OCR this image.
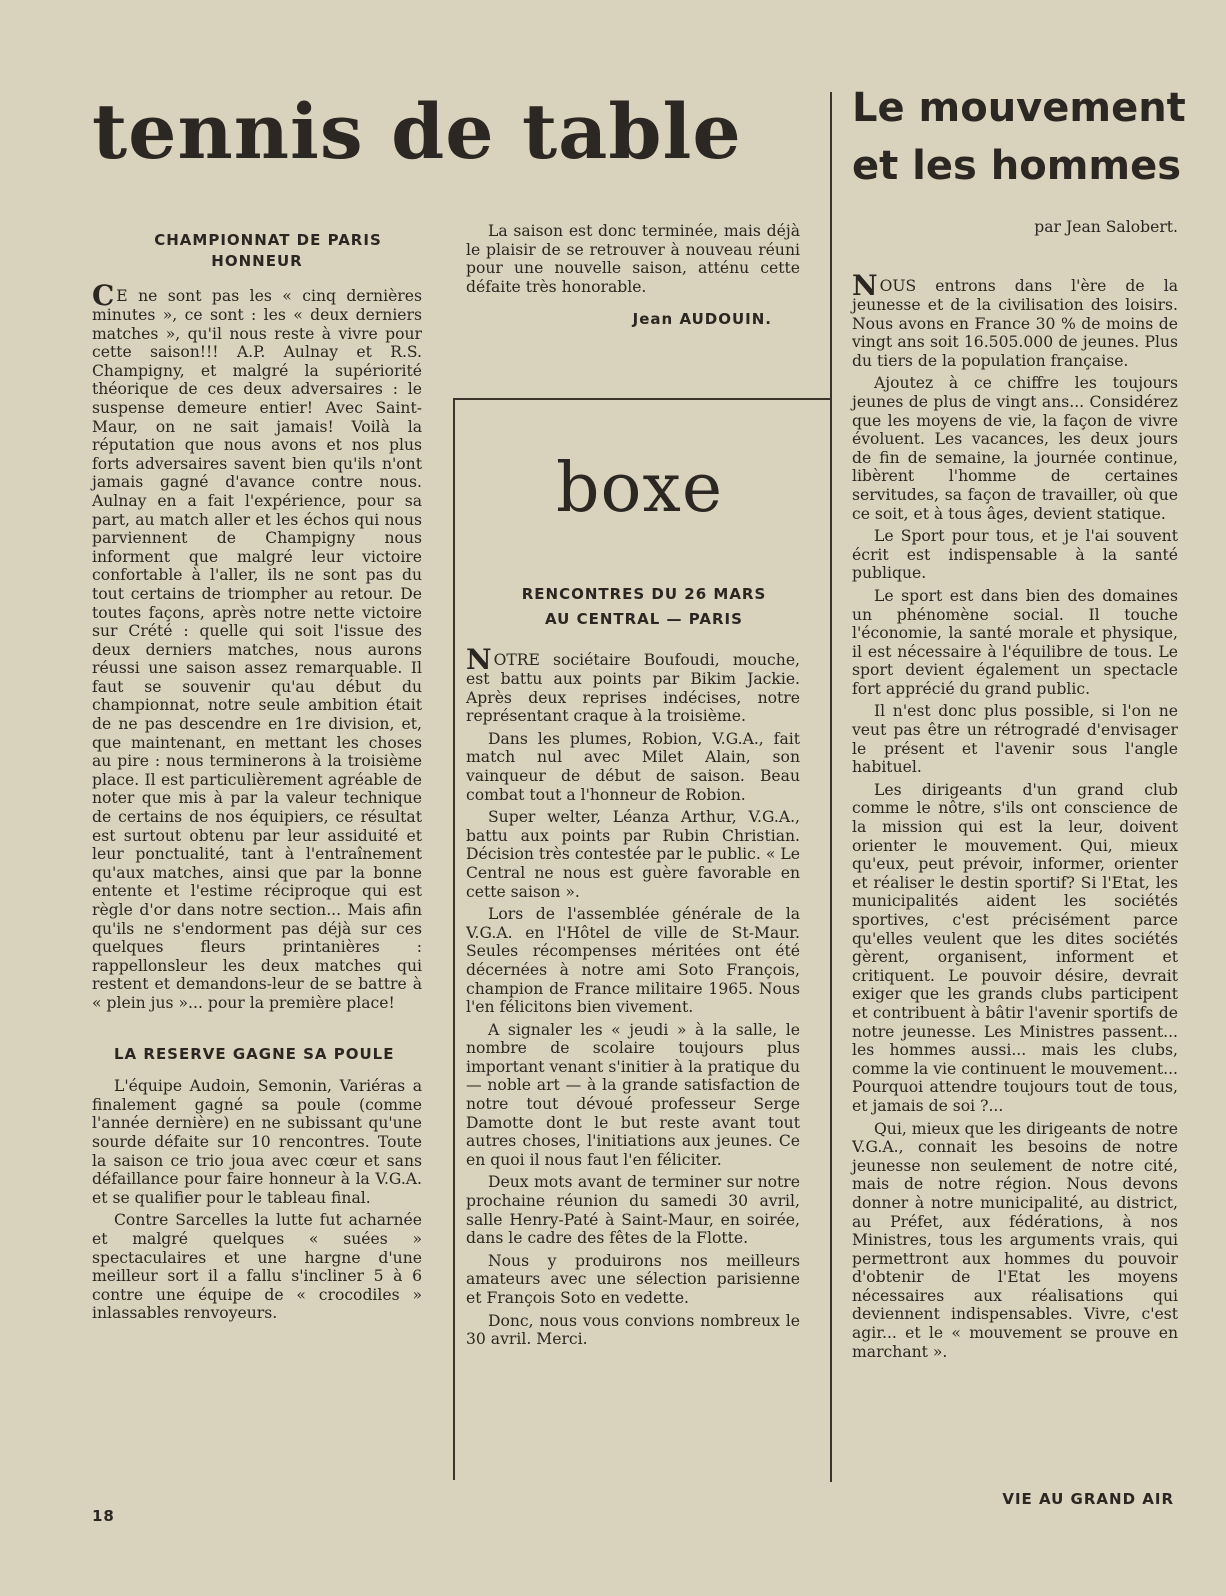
tennis de table

CHAMPIONNAT DE PARIS HONNEUR

C E ne sont pas les « cinq dernières minutes », ce sont : les « deux derniers matches », qu'il nous reste à vivre pour cette saison!!! A.P. Aulnay et R.S. Champigny, et malgré la supériorité théorique de ces deux adversaires : le suspense demeure entier! Avec Saint-Maur, on ne sait jamais! Voilà la réputation que nous avons et nos plus forts adversaires savent bien qu'ils n'ont jamais gagné d'avance contre nous. Aulnay en a fait l'expérience, pour sa part, au match aller et les échos qui nous parviennent de Champigny nous informent que malgré leur victoire confortable à l'aller, ils ne sont pas du tout certains de triompher au retour. De toutes façons, après notre nette victoire sur Crété : quelle qui soit l'issue des deux derniers matches, nous aurons réussi une saison assez remarquable. Il faut se souvenir qu'au début du championnat, notre seule ambition était de ne pas descendre en 1re division, et, que maintenant, en mettant les choses au pire : nous terminerons à la troisième place. Il est particulièrement agréable de noter que mis à par la valeur technique de certains de nos équipiers, ce résultat est surtout obtenu par leur assiduité et leur ponctualité, tant à l'entraînement qu'aux matches, ainsi que par la bonne entente et l'estime réciproque qui est règle d'or dans notre section... Mais afin qu'ils ne s'endorment pas déjà sur ces quelques fleurs printanières : rappellonsleur les deux matches qui restent et demandons-leur de se battre à « plein jus »... pour la première place!

LA RESERVE GAGNE SA POULE

L'équipe Audoin, Semonin, Variéras a finalement gagné sa poule (comme l'année dernière) en ne subissant qu'une sourde défaite sur 10 rencontres. Toute la saison ce trio joua avec cœur et sans défaillance pour faire honneur à la V.G.A. et se qualifier pour le tableau final.

Contre Sarcelles la lutte fut acharnée et malgré quelques « suées » spectaculaires et une hargne d'une meilleur sort il a fallu s'incliner 5 à 6 contre une équipe de « crocodiles » inlassables renvoyeurs.

La saison est donc terminée, mais déjà le plaisir de se retrouver à nouveau réuni pour une nouvelle saison, atténu cette défaite très honorable.

Jean AUDOUIN.
boxe

RENCONTRES DU 26 MARS

AU CENTRAL — PARIS

NOTRE sociétaire Boufoudi, mouche, est battu aux points par Bikim Jackie. Après deux reprises indécises, notre représentant craque à la troisième.

Dans les plumes, Robion, V.G.A., fait match nul avec Milet Alain, son vainqueur de début de saison. Beau combat tout a l'honneur de Robion.

Super welter, Léanza Arthur, V.G.A., battu aux points par Rubin Christian. Décision très contestée par le public. « Le Central ne nous est guère favorable en cette saison ».

Lors de l'assemblée générale de la V.G.A. en l'Hôtel de ville de St-Maur. Seules récompenses méritées ont été décernées à notre ami Soto François, champion de France militaire 1965. Nous l'en félicitons bien vivement.

A signaler les « jeudi » à la salle, le nombre de scolaire toujours plus important venant s'initier à la pratique du — noble art — à la grande satisfaction de notre tout dévoué professeur Serge Damotte dont le but reste avant tout autres choses, l'initiations aux jeunes. Ce en quoi il nous faut l'en féliciter.

Deux mots avant de terminer sur notre prochaine réunion du samedi 30 avril, salle Henry-Paté à Saint-Maur, en soirée, dans le cadre des fêtes de la Flotte.

Nous y produirons nos meilleurs amateurs avec une sélection parisienne et François Soto en vedette.

Donc, nous vous convions nombreux le 30 avril. Merci.

Le mouvement
et les hommes
par Jean Salobert.

NOUS entrons dans l'ère de la jeunesse et de la civilisation des loisirs. Nous avons en France 30 % de moins de vingt ans soit 16.505.000 de jeunes. Plus du tiers de la population française.

Ajoutez à ce chiffre les toujours jeunes de plus de vingt ans... Considérez que les moyens de vie, la façon de vivre évoluent. Les vacances, les deux jours de fin de semaine, la journée continue, libèrent l'homme de certaines servitudes, sa façon de travailler, où que ce soit, et à tous âges, devient statique.

Le Sport pour tous, et je l'ai souvent écrit est indispensable à la santé publique.

Le sport est dans bien des domaines un phénomène social. Il touche l'économie, la santé morale et physique, il est nécessaire à l'équilibre de tous. Le sport devient également un spectacle fort apprécié du grand public.

Il n'est donc plus possible, si l'on ne veut pas être un rétrogradé d'envisager le présent et l'avenir sous l'angle habituel.

Les dirigeants d'un grand club comme le nôtre, s'ils ont conscience de la mission qui est la leur, doivent orienter le mouvement. Qui, mieux qu'eux, peut prévoir, informer, orienter et réaliser le destin sportif? Si l'Etat, les municipalités aident les sociétés sportives, c'est précisément parce qu'elles veulent que les dites sociétés gèrent, organisent, informent et critiquent. Le pouvoir désire, devrait exiger que les grands clubs participent et contribuent à bâtir l'avenir sportifs de notre jeunesse. Les Ministres passent... les hommes aussi... mais les clubs, comme la vie continuent le mouvement... Pourquoi attendre toujours tout de tous, et jamais de soi ?...

Qui, mieux que les dirigeants de notre V.G.A., connait les besoins de notre jeunesse non seulement de notre cité, mais de notre région. Nous devons donner à notre municipalité, au district, au Préfet, aux fédérations, à nos Ministres, tous les arguments vrais, qui permettront aux hommes du pouvoir d'obtenir de l'Etat les moyens nécessaires aux réalisations qui deviennent indispensables. Vivre, c'est agir... et le « mouvement se prouve en marchant ».

18
VIE AU GRAND AIR
